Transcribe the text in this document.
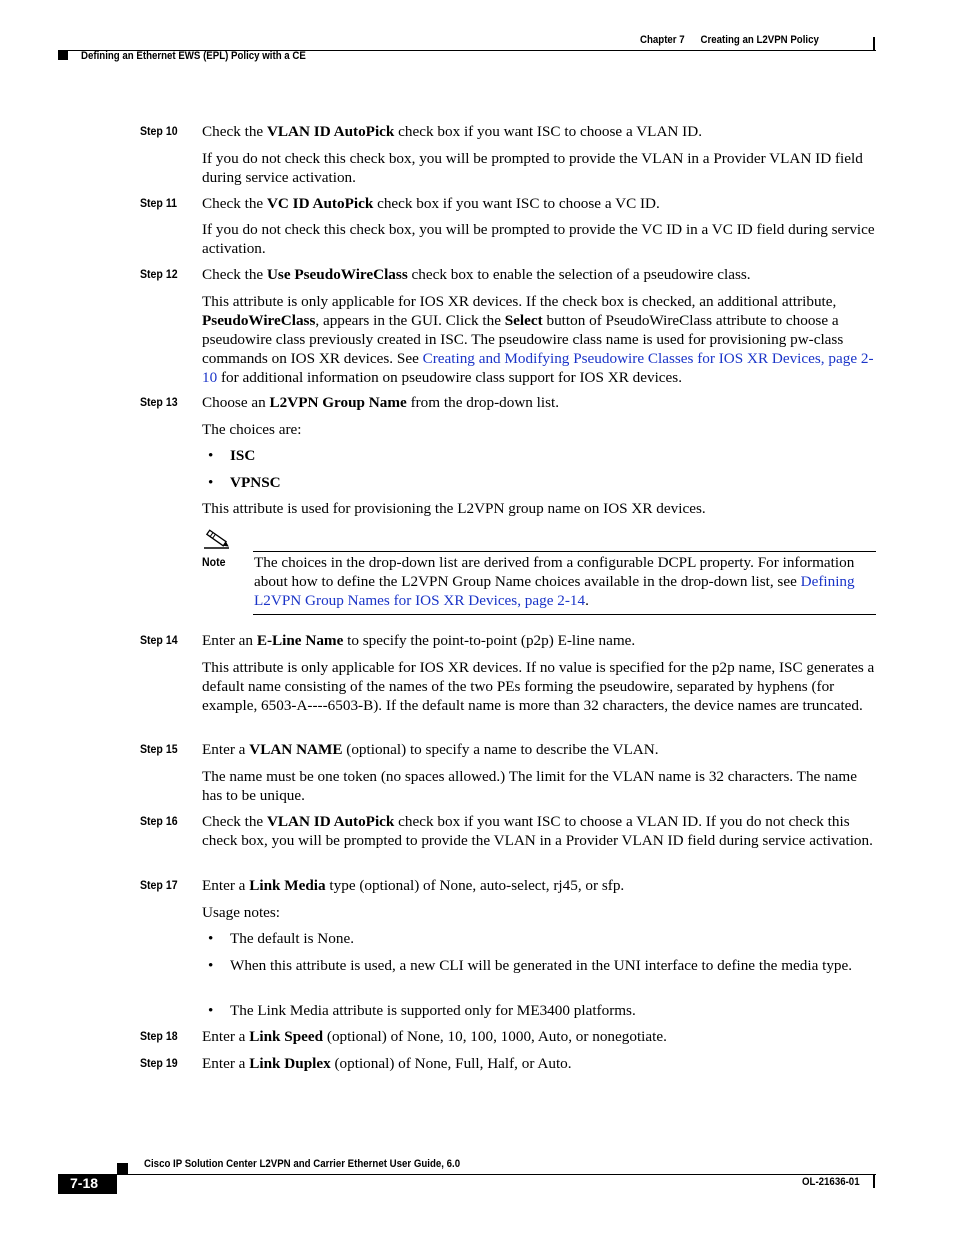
Chapter 7 Creating an L2VPN Policy
Defining an Ethernet EWS (EPL) Policy with a CE
Step 10 Check the VLAN ID AutoPick check box if you want ISC to choose a VLAN ID.
If you do not check this check box, you will be prompted to provide the VLAN in a Provider VLAN ID field during service activation.
Step 11 Check the VC ID AutoPick check box if you want ISC to choose a VC ID.
If you do not check this check box, you will be prompted to provide the VC ID in a VC ID field during service activation.
Step 12 Check the Use PseudoWireClass check box to enable the selection of a pseudowire class.
This attribute is only applicable for IOS XR devices. If the check box is checked, an additional attribute, PseudoWireClass, appears in the GUI. Click the Select button of PseudoWireClass attribute to choose a pseudowire class previously created in ISC. The pseudowire class name is used for provisioning pw-class commands on IOS XR devices. See Creating and Modifying Pseudowire Classes for IOS XR Devices, page 2-10 for additional information on pseudowire class support for IOS XR devices.
Step 13 Choose an L2VPN Group Name from the drop-down list.
The choices are:
• ISC
• VPNSC
This attribute is used for provisioning the L2VPN group name on IOS XR devices.
Note The choices in the drop-down list are derived from a configurable DCPL property. For information about how to define the L2VPN Group Name choices available in the drop-down list, see Defining L2VPN Group Names for IOS XR Devices, page 2-14.
Step 14 Enter an E-Line Name to specify the point-to-point (p2p) E-line name.
This attribute is only applicable for IOS XR devices. If no value is specified for the p2p name, ISC generates a default name consisting of the names of the two PEs forming the pseudowire, separated by hyphens (for example, 6503-A----6503-B). If the default name is more than 32 characters, the device names are truncated.
Step 15 Enter a VLAN NAME (optional) to specify a name to describe the VLAN.
The name must be one token (no spaces allowed.) The limit for the VLAN name is 32 characters. The name has to be unique.
Step 16 Check the VLAN ID AutoPick check box if you want ISC to choose a VLAN ID. If you do not check this check box, you will be prompted to provide the VLAN in a Provider VLAN ID field during service activation.
Step 17 Enter a Link Media type (optional) of None, auto-select, rj45, or sfp.
Usage notes:
• The default is None.
• When this attribute is used, a new CLI will be generated in the UNI interface to define the media type.
• The Link Media attribute is supported only for ME3400 platforms.
Step 18 Enter a Link Speed (optional) of None, 10, 100, 1000, Auto, or nonegotiate.
Step 19 Enter a Link Duplex (optional) of None, Full, Half, or Auto.
Cisco IP Solution Center L2VPN and Carrier Ethernet User Guide, 6.0
7-18	OL-21636-01
